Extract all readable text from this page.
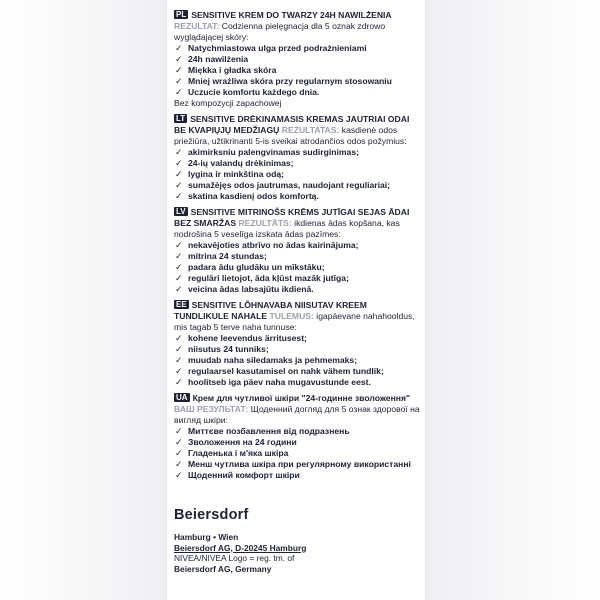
PL SENSITIVE KREM DO TWARZY 24H NAWILŻENIA REZULTAT: Codzienna pielęgnacja dla 5 oznak zdrowo wyglądającej skóry:
✓ Natychmiastowa ulga przed podrażnieniami
✓ 24h nawilżenia
✓ Miękka i gładka skóra
✓ Mniej wrażliwa skóra przy regularnym stosowaniu
✓ Uczucie komfortu każdego dnia.
Bez kompozycji zapachowej
LT SENSITIVE DRĖKINAMASIS KREMAS JAUTRIAI ODAI BE KVAPIŲJŲ MEDŽIAGŲ REZULTATAS: kasdienė odos priežiūra, užtikrinanti 5-is sveikai atrodančios odos požymius:
✓ akimirksniu palengvinamas sudirginimas;
✓ 24-ių valandų drėkinimas;
✓ lygina ir minkština odą;
✓ sumažėjęs odos jautrumas, naudojant reguliariai;
✓ skatina kasdienį odos komfortą.
LV SENSITIVE MITRINOŠS KRĒMS JUTĪGAI SEJAS ĀDAI BEZ SMARŽAS REZULTĀTS: ikdienas ādas kopšana, kas nodrošina 5 veselīga izskata ādas pazīmes:
✓ nekavējoties atbrīvo no ādas kairinājuma;
✓ mitrina 24 stundas;
✓ padara ādu gludāku un mīkstāku;
✓ regulāri lietojot, āda kļūst mazāk jutīga;
✓ veicina ādas labsajūtu ikdienā.
EE SENSITIVE LÕHNAVABA NIISUTAV KREEM TUNDLIKULE NAHALE TULEMUS: igapäevane nahahooldus, mis tagab 5 terve naha tunnuse:
✓ kohene leevendus ärritusest;
✓ niisutus 24 tunniks;
✓ muudab naha siledamaks ja pehmemaks;
✓ regulaarsel kasutamisel on nahk vähem tundlik;
✓ hoolitseb iga päev naha mugavustunde eest.
UA Крем для чутливої шкіри "24-годинне зволоження" ВАШ РЕЗУЛЬТАТ: Щоденний догляд для 5 ознак здорової на вигляд шкіри:
✓ Миттєве позбавлення від подразнень
✓ Зволоження на 24 години
✓ Гладенька і м'яка шкіра
✓ Менш чутлива шкіра при регулярному використанні
✓ Щоденний комфорт шкіри
Beiersdorf
Hamburg • Wien
Beiersdorf AG, D-20245 Hamburg
NIVEA/NIVEA Logo = reg. tm. of
Beiersdorf AG, Germany
